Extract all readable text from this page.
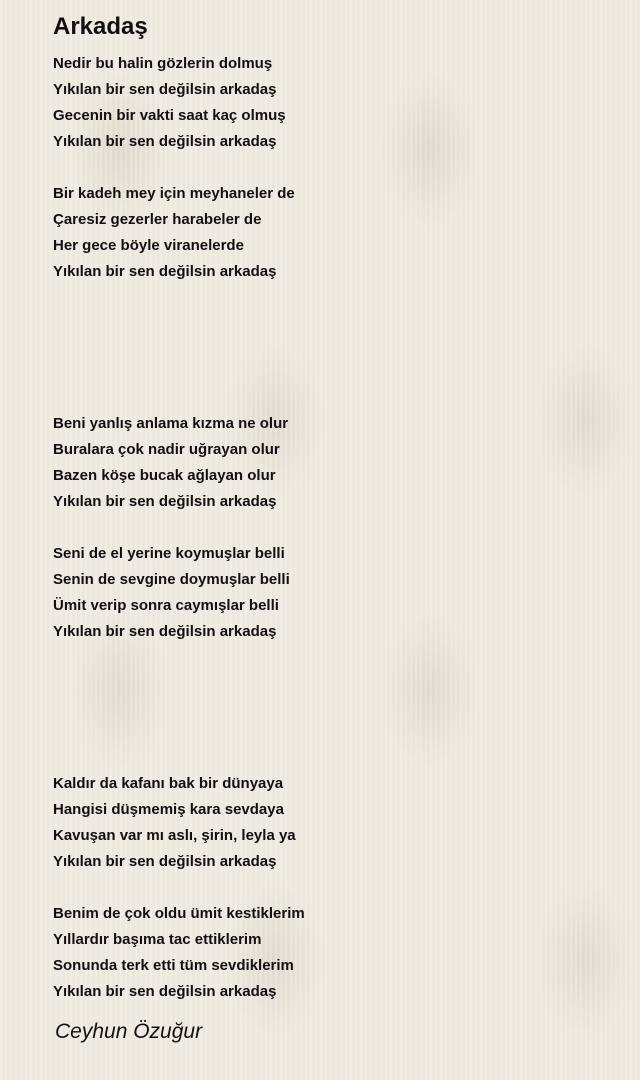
Arkadaş
Nedir bu halin gözlerin dolmuş
Yıkılan bir sen değilsin arkadaş
Gecenin bir vakti saat kaç olmuş
Yıkılan bir sen değilsin arkadaş
Bir kadeh mey için meyhaneler de
Çaresiz gezerler harabeler de
Her gece böyle viranelerde
Yıkılan bir sen değilsin arkadaş
Beni yanlış anlama kızma ne olur
Buralara çok nadir uğrayan olur
Bazen köşe bucak ağlayan olur
Yıkılan bir sen değilsin arkadaş
Seni de el yerine koymuşlar belli
Senin de sevgine doymuşlar belli
Ümit verip sonra caymışlar belli
Yıkılan bir sen değilsin arkadaş
Kaldır da kafanı bak bir dünyaya
Hangisi düşmemiş kara sevdaya
Kavuşan var mı aslı, şirin, leyla ya
Yıkılan bir sen değilsin arkadaş
Benim de çok oldu ümit kestiklerim
Yıllardır başıma tac ettiklerim
Sonunda terk etti tüm sevdiklerim
Yıkılan bir sen değilsin arkadaş

Ceyhun Özuğur
